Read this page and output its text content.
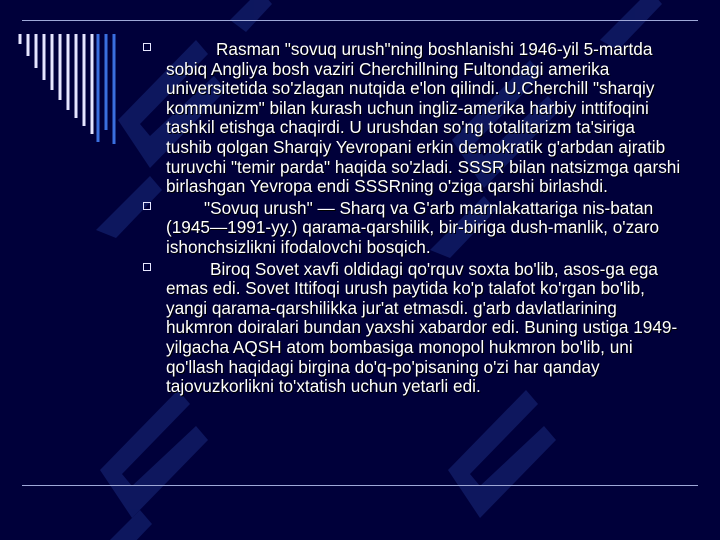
Rasman "sovuq urush"ning boshlanishi 1946-yil 5-martda sobiq Angliya bosh vaziri Cherchillning Fultondagi amerika universitetida so'zlagan nutqida e'lon qilindi. U.Cherchill "sharqiy kommunizm" bilan kurash uchun ingliz-amerika harbiy inttifoqini tashkil etishga chaqirdi. U urushdan so'ng totalitarizm ta'siriga tushib qolgan Sharqiy Yevropani erkin demokratik g'arbdan ajratib turuvchi "temir parda" haqida so'zladi. SSSR bilan natsizmga qarshi birlashgan Yevropa endi SSSRning o'ziga qarshi birlashdi.
"Sovuq urush" — Sharq va G'arb marnlakattariga nis-batan (1945—1991-yy.) qarama-qarshilik, bir-biriga dush-manlik, o'zaro ishonchsizlikni ifodalovchi bosqich.
Biroq Sovet xavfi oldidagi qo'rquv soxta bo'lib, asos-ga ega emas edi. Sovet Ittifoqi urush paytida ko'p talafot ko'rgan bo'lib, yangi qarama-qarshilikka jur'at etmasdi. g'arb davlatlarining hukmron doiralari bundan yaxshi xabardor edi. Buning ustiga 1949-yilgacha AQSH atom bombasiga monopol hukmron bo'lib, uni qo'llash haqidagi birgina do'q-po'pisaning o'zi har qanday tajovuzkorlikni to'xtatish uchun yetarli edi.
